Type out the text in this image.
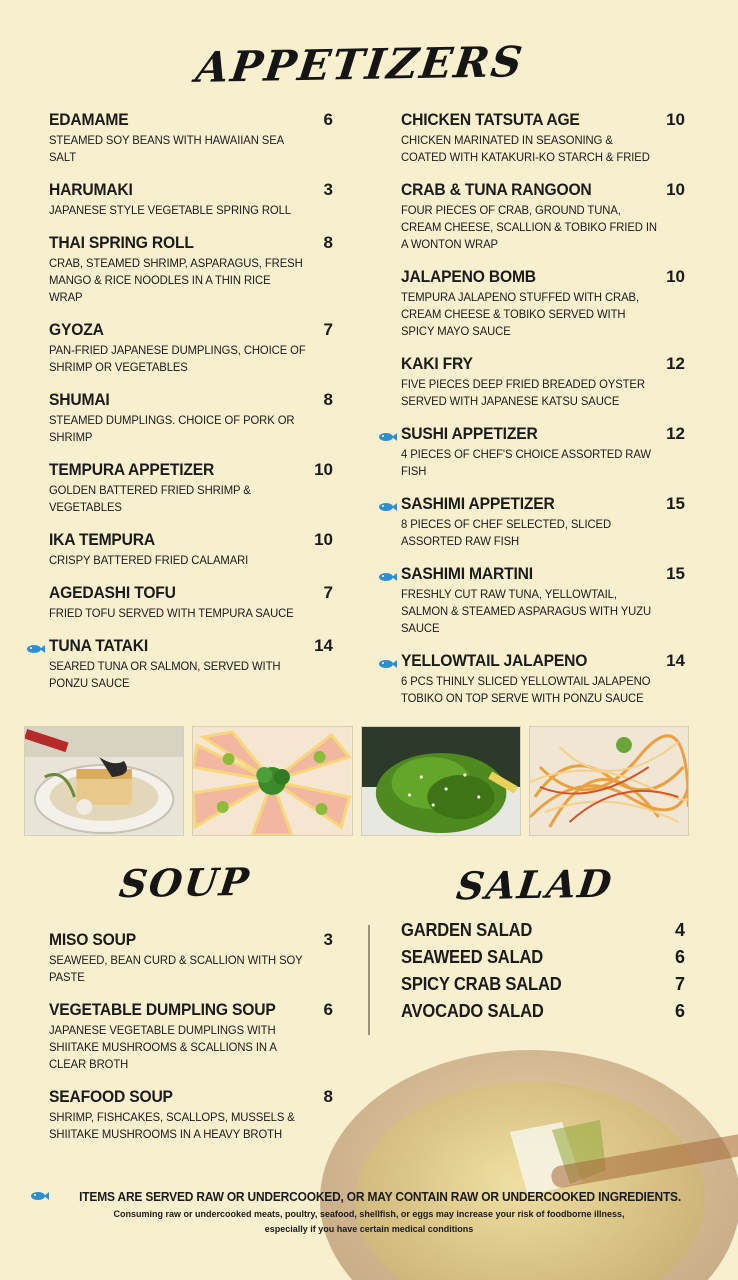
APPETIZERS
EDAMAME	6
STEAMED SOY BEANS WITH HAWAIIAN SEA SALT
HARUMAKI	3
JAPANESE STYLE VEGETABLE SPRING ROLL
THAI SPRING ROLL	8
CRAB, STEAMED SHRIMP, ASPARAGUS, FRESH MANGO & RICE NOODLES IN A THIN RICE WRAP
GYOZA	7
PAN-FRIED JAPANESE DUMPLINGS, CHOICE OF SHRIMP OR VEGETABLES
SHUMAI	8
STEAMED DUMPLINGS. CHOICE OF PORK OR SHRIMP
TEMPURA APPETIZER	10
GOLDEN BATTERED FRIED SHRIMP & VEGETABLES
IKA TEMPURA	10
CRISPY BATTERED FRIED CALAMARI
AGEDASHI TOFU	7
FRIED TOFU SERVED WITH TEMPURA SAUCE
TUNA TATAKI	14
SEARED TUNA OR SALMON, SERVED WITH PONZU SAUCE
CHICKEN TATSUTA AGE	10
CHICKEN MARINATED IN SEASONING & COATED WITH KATAKURI-KO STARCH & FRIED
CRAB & TUNA RANGOON	10
FOUR PIECES OF CRAB, GROUND TUNA, CREAM CHEESE, SCALLION & TOBIKO FRIED IN A WONTON WRAP
JALAPENO BOMB	10
TEMPURA JALAPENO STUFFED WITH CRAB, CREAM CHEESE & TOBIKO SERVED WITH SPICY MAYO SAUCE
KAKI FRY	12
FIVE PIECES DEEP FRIED BREADED OYSTER SERVED WITH JAPANESE KATSU SAUCE
SUSHI APPETIZER	12
4 PIECES OF CHEF'S CHOICE ASSORTED RAW FISH
SASHIMI APPETIZER	15
8 PIECES OF CHEF SELECTED, SLICED ASSORTED RAW FISH
SASHIMI MARTINI	15
FRESHLY CUT RAW TUNA, YELLOWTAIL, SALMON & STEAMED ASPARAGUS WITH YUZU SAUCE
YELLOWTAIL JALAPENO	14
6 PCS THINLY SLICED YELLOWTAIL JALAPENO TOBIKO ON TOP SERVE WITH PONZU SAUCE
SOUP	SALAD
MISO SOUP	3
SEAWEED, BEAN CURD & SCALLION WITH SOY PASTE
VEGETABLE DUMPLING SOUP	6
JAPANESE VEGETABLE DUMPLINGS WITH SHIITAKE MUSHROOMS & SCALLIONS IN A CLEAR BROTH
SEAFOOD SOUP	8
SHRIMP, FISHCAKES, SCALLOPS, MUSSELS & SHIITAKE MUSHROOMS IN A HEAVY BROTH
GARDEN SALAD	4
SEAWEED SALAD	6
SPICY CRAB SALAD	7
AVOCADO SALAD	6
ITEMS ARE SERVED RAW OR UNDERCOOKED, OR MAY CONTAIN RAW OR UNDERCOOKED INGREDIENTS.
Consuming raw or undercooked meats, poultry, seafood, shellfish, or eggs may increase your risk of foodborne illness,
especially if you have certain medical conditions
